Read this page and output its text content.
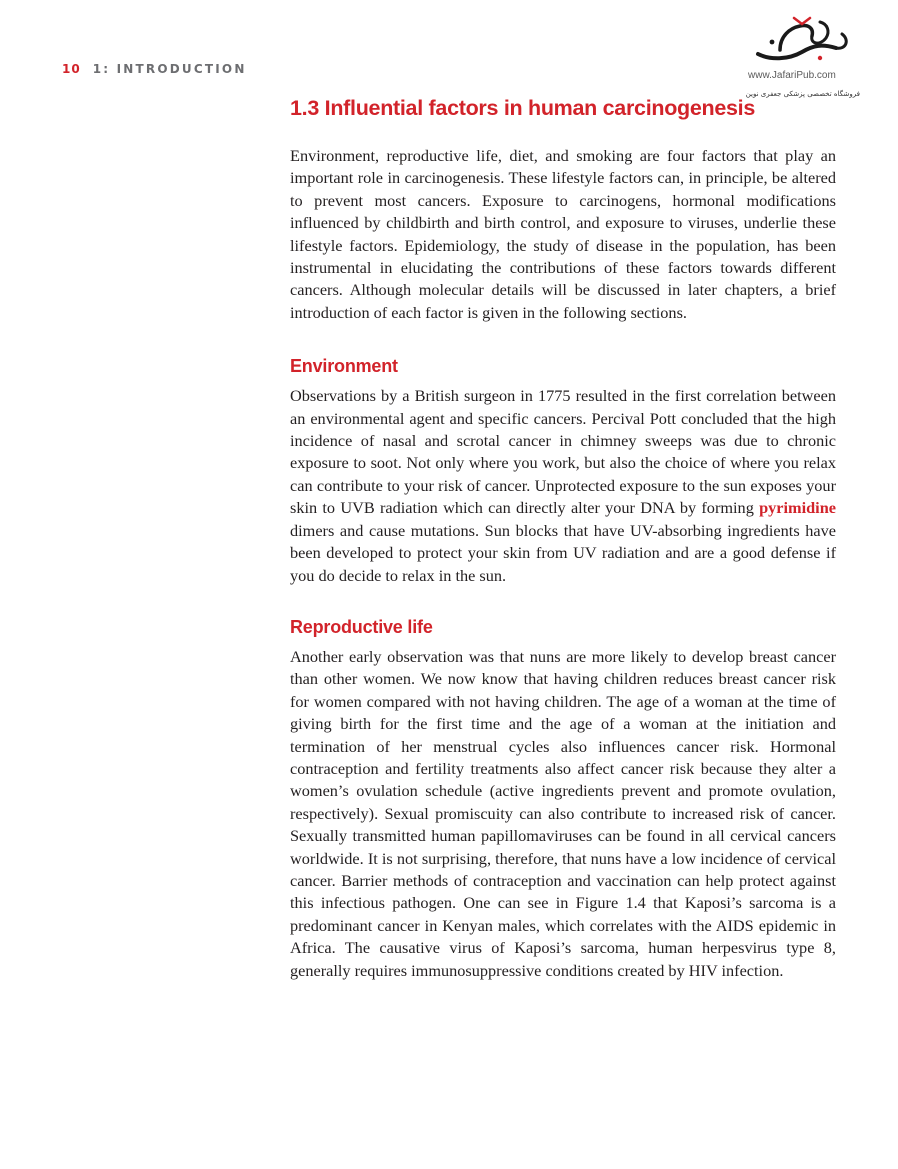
10 1: INTRODUCTION	www.JafariPub.com
فروشگاه تخصصی پزشکی جعفری نوین
1.3 Influential factors in human carcinogenesis

Environment, reproductive life, diet, and smoking are four factors that play an important role in carcinogenesis. These lifestyle factors can, in principle, be altered to prevent most cancers. Exposure to carcinogens, hormonal modifications influenced by childbirth and birth control, and exposure to viruses, underlie these lifestyle factors. Epidemiology, the study of disease in the population, has been instrumental in elucidating the contributions of these factors towards different cancers. Although molecular details will be discussed in later chapters, a brief introduction of each factor is given in the following sections.

Environment

Observations by a British surgeon in 1775 resulted in the first correlation between an environmental agent and specific cancers. Percival Pott concluded that the high incidence of nasal and scrotal cancer in chimney sweeps was due to chronic exposure to soot. Not only where you work, but also the choice of where you relax can contribute to your risk of cancer. Unprotected exposure to the sun exposes your skin to UVB radiation which can directly alter your DNA by forming pyrimidine dimers and cause mutations. Sun blocks that have UV-absorbing ingredients have been developed to protect your skin from UV radiation and are a good defense if you do decide to relax in the sun.

Reproductive life

Another early observation was that nuns are more likely to develop breast cancer than other women. We now know that having children reduces breast cancer risk for women compared with not having children. The age of a woman at the time of giving birth for the first time and the age of a woman at the initiation and termination of her menstrual cycles also influences cancer risk. Hormonal contraception and fertility treatments also affect cancer risk because they alter a women’s ovulation schedule (active ingredients prevent and promote ovulation, respectively). Sexual promiscuity can also contribute to increased risk of cancer. Sexually transmitted human papillomaviruses can be found in all cervical cancers worldwide. It is not surprising, therefore, that nuns have a low incidence of cervical cancer. Barrier methods of contraception and vaccination can help protect against this infectious pathogen. One can see in Figure 1.4 that Kaposi’s sarcoma is a predominant cancer in Kenyan males, which correlates with the AIDS epidemic in Africa. The causative virus of Kaposi’s sarcoma, human herpesvirus type 8, generally requires immunosuppressive conditions created by HIV infection.
